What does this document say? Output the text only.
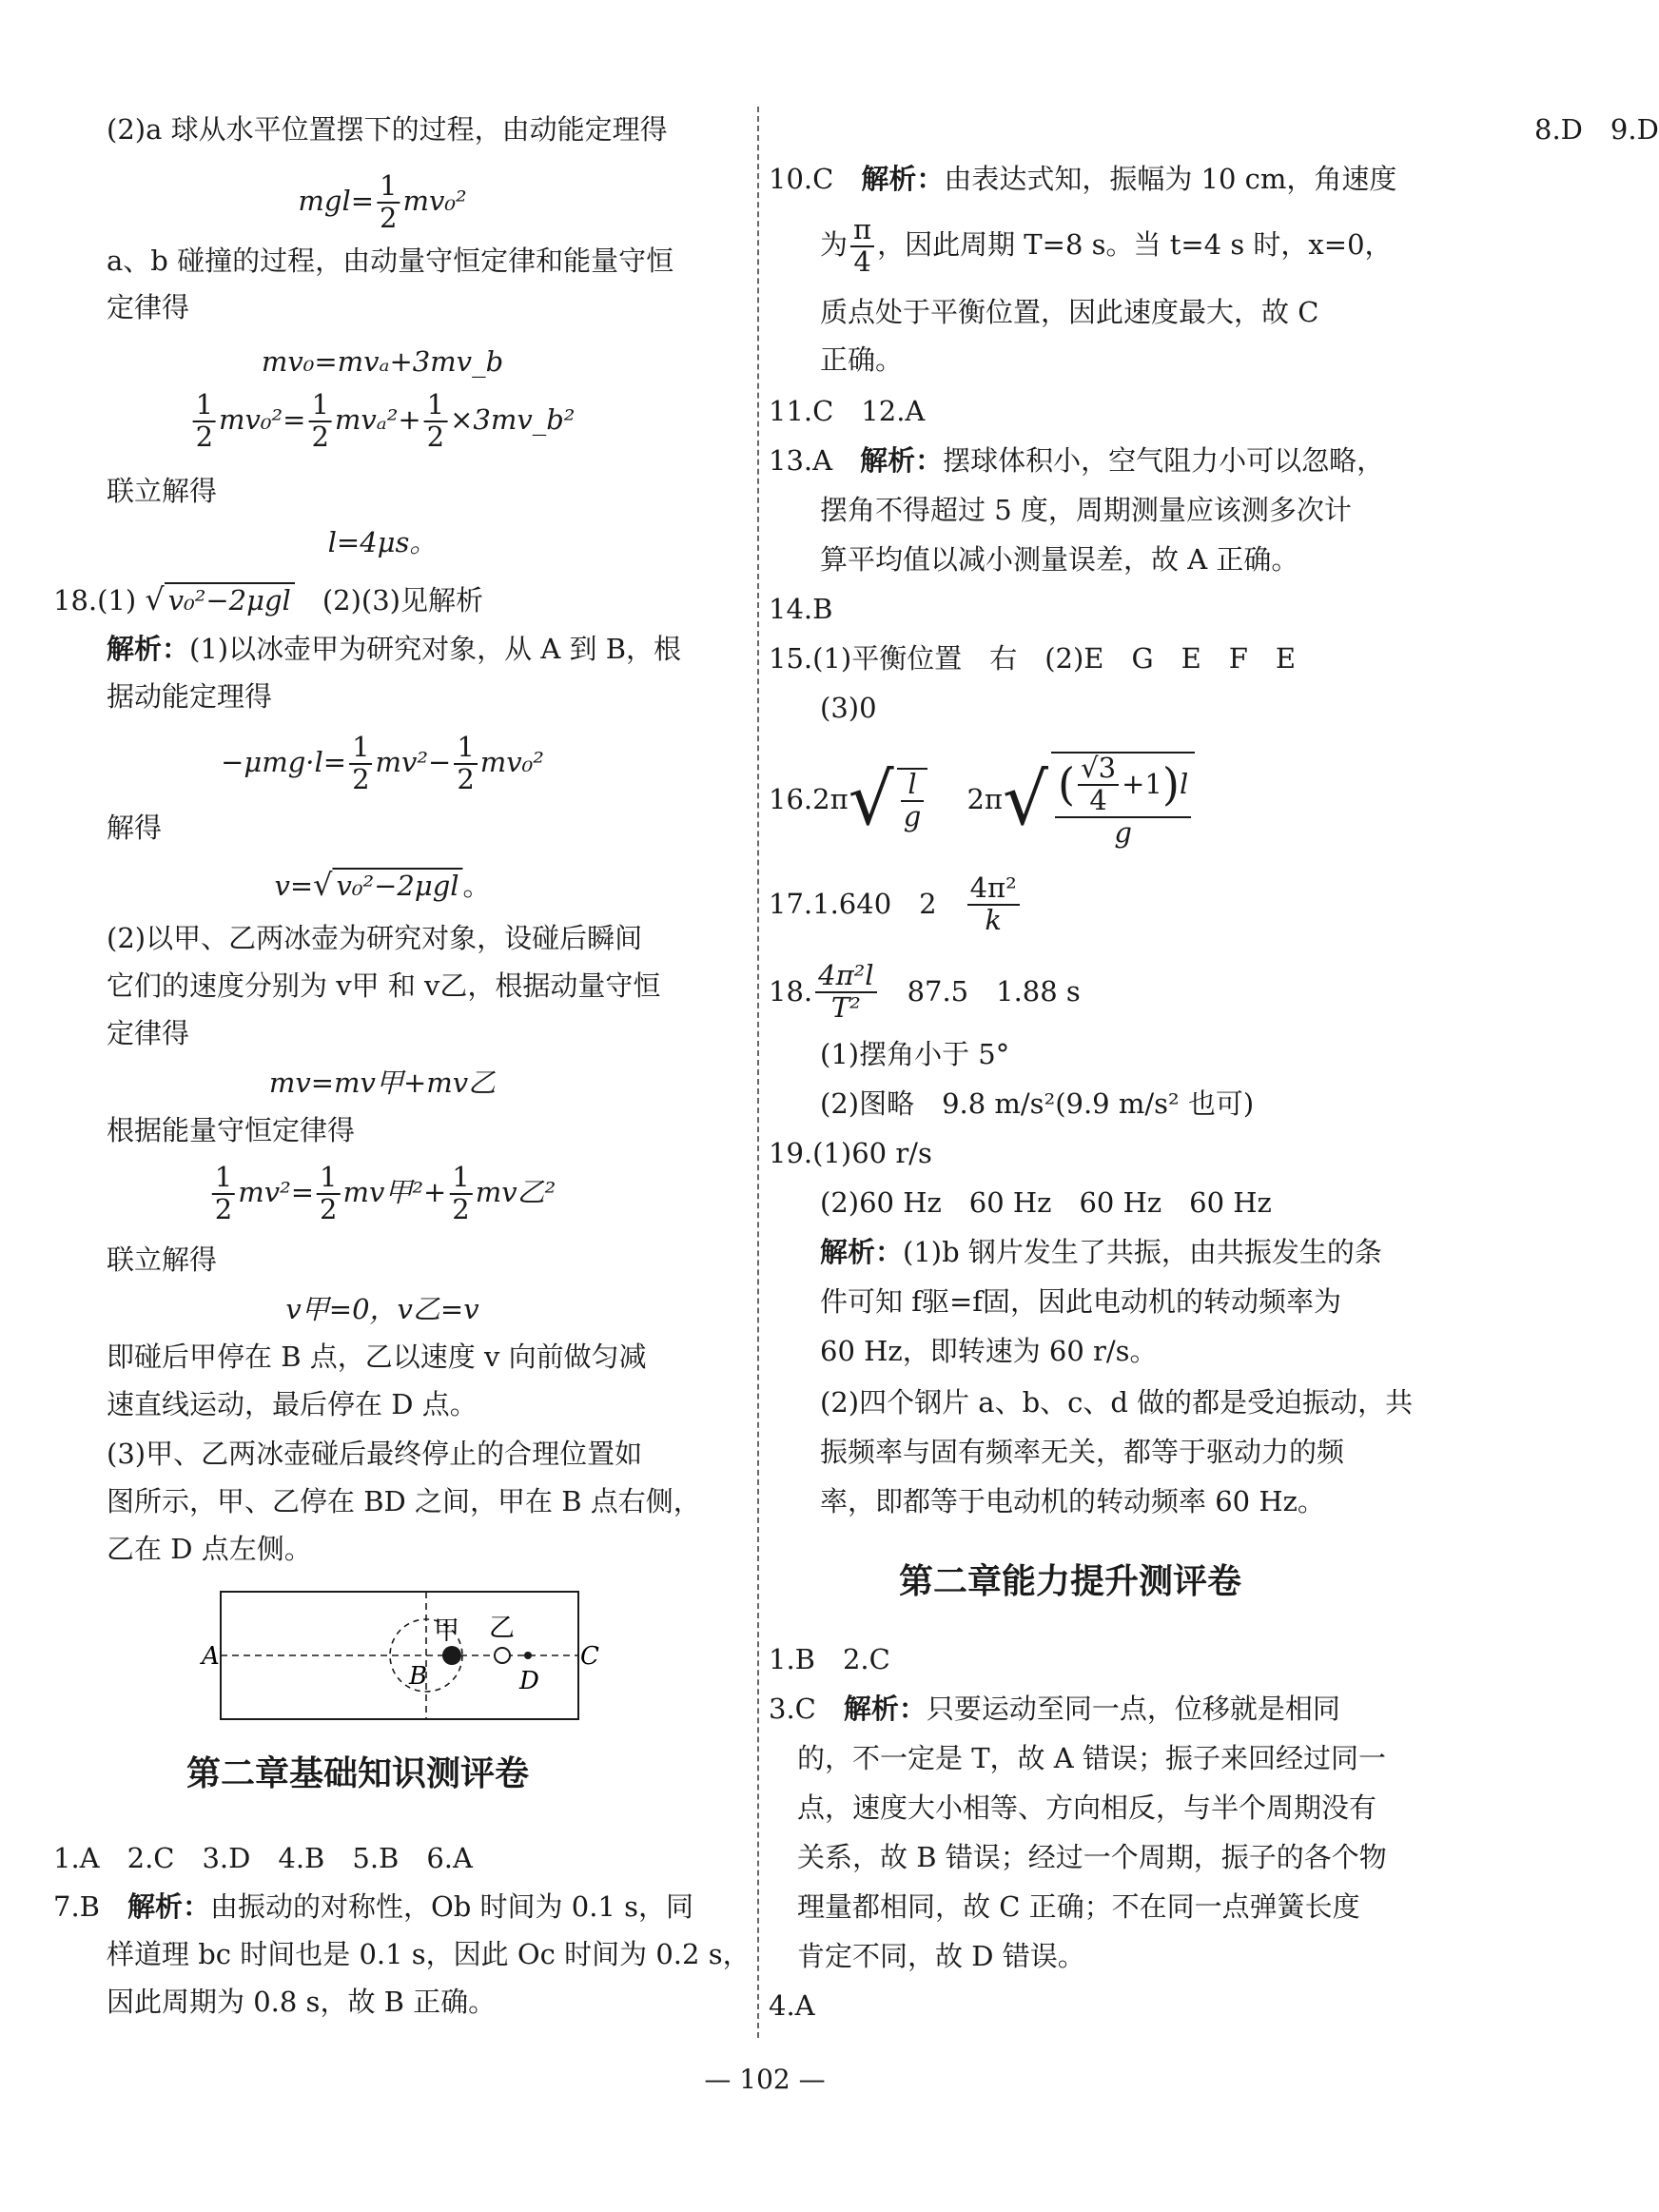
(2)a 球从水平位置摆下的过程，由动能定理得
$mgl= \frac{1}{2} mv_0^2$
a、b 碰撞的过程，由动量守恒定律和能量守恒
定律得
mv₀=mvₐ+3mv_b
$\frac{1}{2} mv_0^2= \frac{1}{2} mv_a^2+ \frac{1}{2}$ ×3mv_b²
联立解得
l=4μs。
18.(1) √ v₀²−2μgl　 (2)(3)见解析
解析：(1)以冰壶甲为研究对象，从 A 到 B，根
据动能定理得
$-\mu mg\cdot l= \frac{1}{2} mv^2- \frac{1}{2} mv_0^2$
解得
v=√ v₀²−2μgl 。
(2)以甲、乙两冰壶为研究对象，设碰后瞬间
它们的速度分别为 v甲 和 v乙，根据动量守恒
定律得
mv=mv甲+mv乙
根据能量守恒定律得
$\frac{1}{2} mv^2= \frac{1}{2}$ mv甲$^2+ \frac{1}{2}$ mv乙²
联立解得
v甲=0，v乙=v
即碰后甲停在 B 点，乙以速度 v 向前做匀减
速直线运动，最后停在 D 点。
(3)甲、乙两冰壶碰后最终停止的合理位置如
图所示，甲、乙停在 BD 之间，甲在 B 点右侧，
乙在 D 点左侧。
A	C
B	D
甲 乙
第二章基础知识测评卷
1.A　2.C　3.D　4.B　5.B　6.A
7.B　解析：由振动的对称性，Ob 时间为 0.1 s，同
样道理 bc 时间也是 0.1 s，因此 Oc 时间为 0.2 s，
因此周期为 0.8 s，故 B 正确。
8.D　9.D
10.C　解析：由表达式知，振幅为 10 cm，角速度
为 $\frac{\pi}{4}$ ，因此周期 T=8 s。当 t=4 s 时，x=0，
质点处于平衡位置，因此速度最大，故 C
正确。
11.C　12.A
13.A　解析：摆球体积小，空气阻力小可以忽略，
摆角不得超过 5 度，周期测量应该测多次计
算平均值以减小测量误差，故 A 正确。
14.B
15.(1)平衡位置　右　(2)E　G　E　F　E
(3)0
$16.2\pi√ \frac{l}{g}$
　 $2\pi√ \frac{( \frac{√3}{4} +1)l}{g}$
17.1.640　2　 $\frac{\text{4π²}}{k}$
18. $\frac{\text{4π²l}}{\text{T²}}$
　 87.5　1.88 s
(1)摆角小于 5°
(2)图略　9.8 m/s²(9.9 m/s² 也可)
19.(1)60 r/s
(2)60 Hz　60 Hz　60 Hz　60 Hz
解析：(1)b 钢片发生了共振，由共振发生的条
件可知 f驱=f固，因此电动机的转动频率为
60 Hz，即转速为 60 r/s。
(2)四个钢片 a、b、c、d 做的都是受迫振动，共
振频率与固有频率无关，都等于驱动力的频
率，即都等于电动机的转动频率 60 Hz。
第二章能力提升测评卷
1.B　2.C
3.C　解析：只要运动至同一点，位移就是相同
的，不一定是 T，故 A 错误；振子来回经过同一
点，速度大小相等、方向相反，与半个周期没有
关系，故 B 错误；经过一个周期，振子的各个物
理量都相同，故 C 正确；不在同一点弹簧长度
肯定不同，故 D 错误。
4.A
— 102 —
